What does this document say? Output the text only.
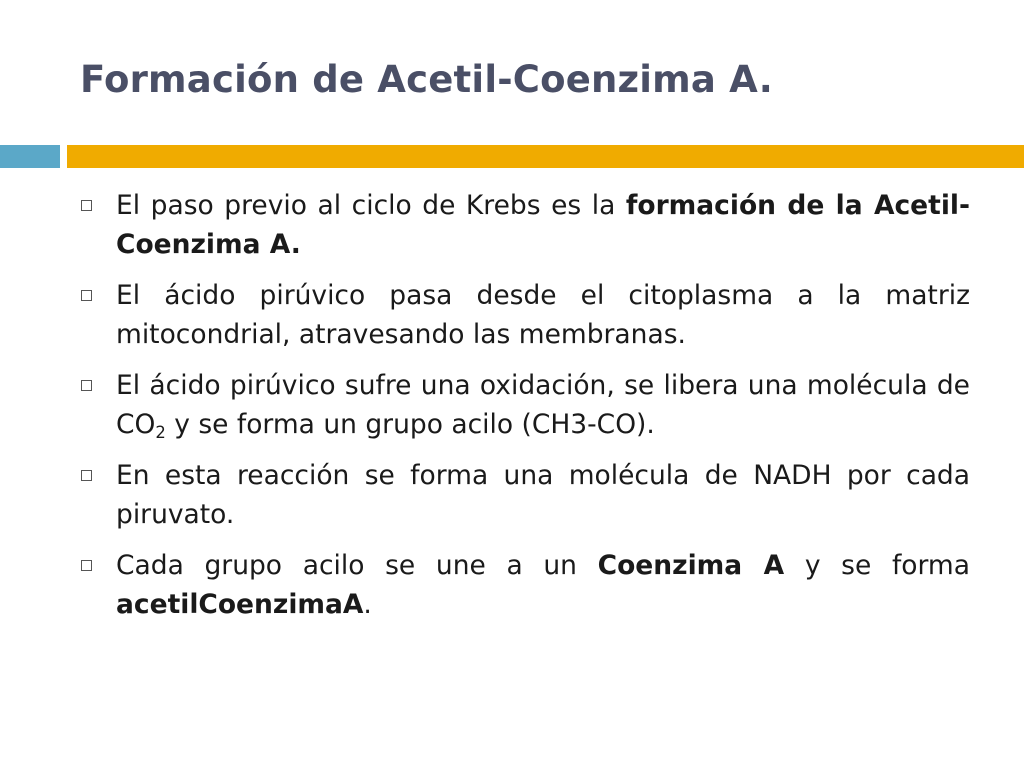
Formación de Acetil-Coenzima A.
El paso previo al ciclo de Krebs es la formación de la Acetil-Coenzima A.
El ácido pirúvico pasa desde el citoplasma a la matriz mitocondrial, atravesando las membranas.
El ácido pirúvico sufre una oxidación, se libera una molécula de $CO_2$ y se forma un grupo acilo (CH3-CO).
En esta reacción se forma una molécula de NADH por cada piruvato.
Cada grupo acilo se une a un Coenzima A y se forma acetilCoenzimaA.
